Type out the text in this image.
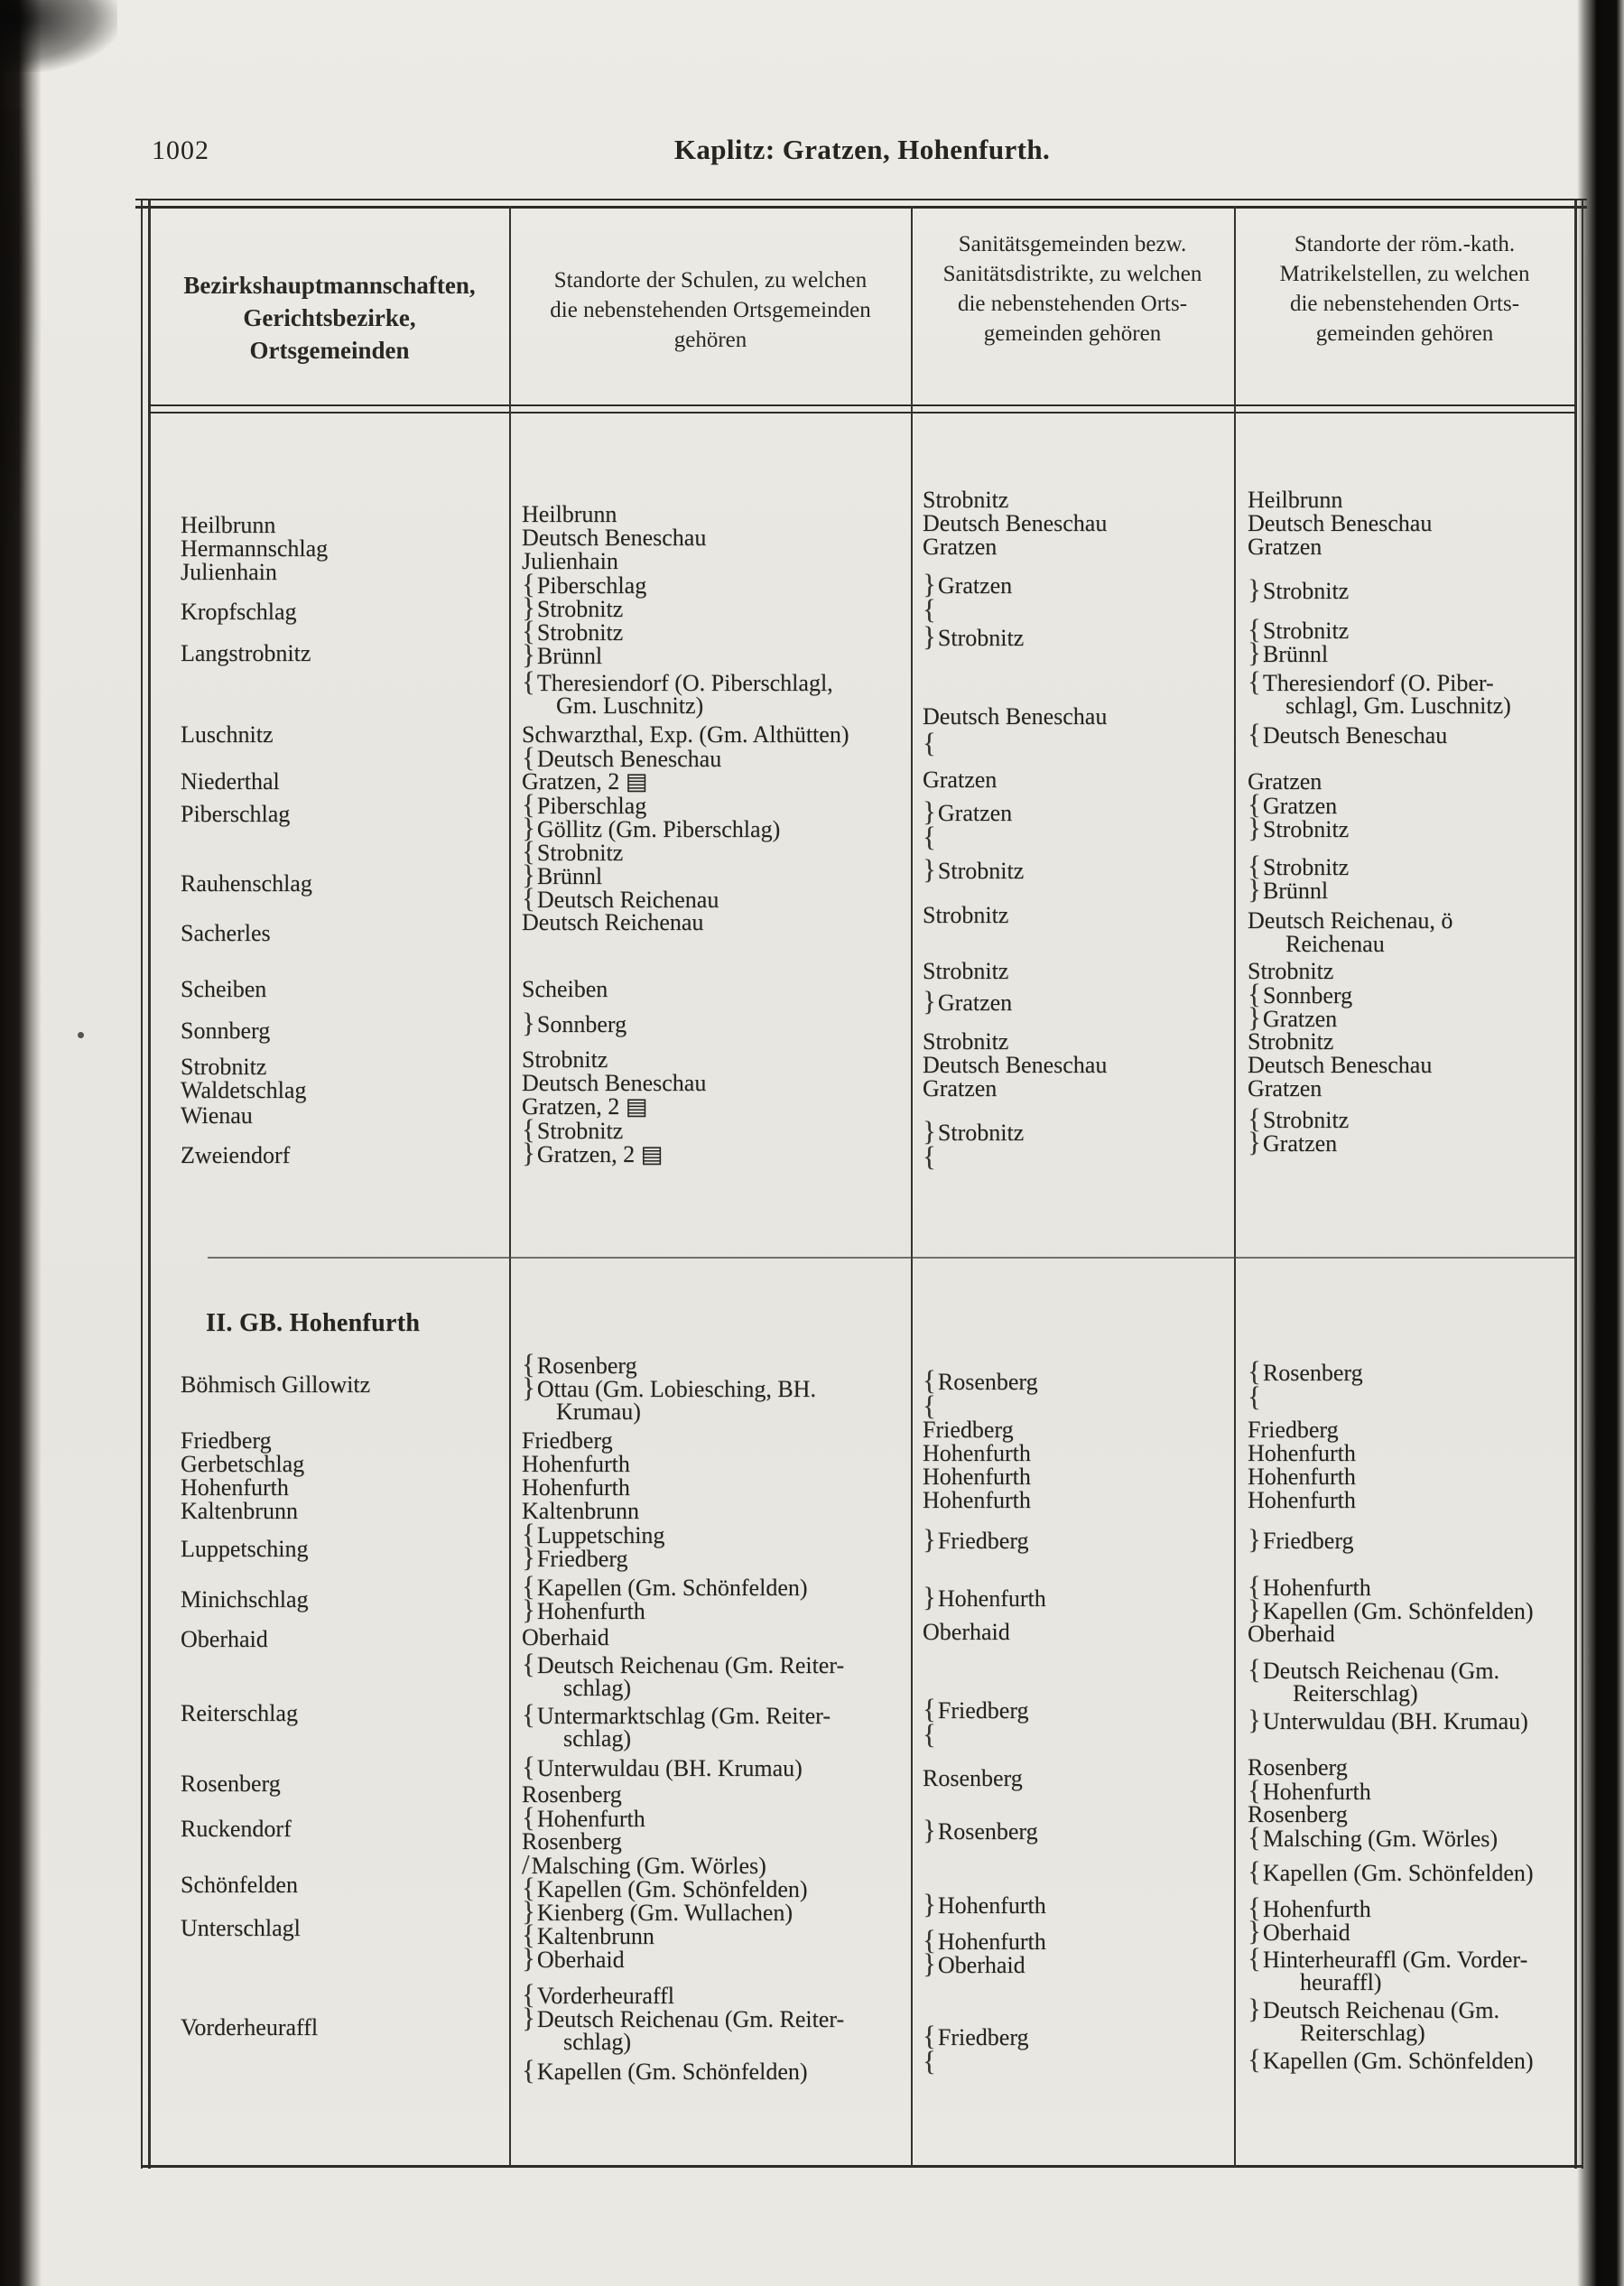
1002	Kaplitz: Gratzen, Hohenfurth.
Bezirkshauptmannschaften,
Gerichtsbezirke,
Ortsgemeinden
Standorte der Schulen, zu welchen
die nebenstehenden Ortsgemeinden
gehören
Sanitätsgemeinden bezw.
Sanitätsdistrikte, zu welchen
die nebenstehenden Orts-
gemeinden gehören
Standorte der röm.-kath.
Matrikelstellen, zu welchen
die nebenstehenden Orts-
gemeinden gehören
Heilbrunn
Hermannschlag
Julienhain
Kropfschlag
Langstrobnitz
Luschnitz
Niederthal
Piberschlag
Rauhenschlag
Sacherles
Scheiben
Sonnberg
Strobnitz
Waldetschlag
Wienau
Zweiendorf
II. GB. Hohenfurth
Böhmisch Gillowitz
Friedberg
Gerbetschlag
Hohenfurth
Kaltenbrunn
Luppetsching
Minichschlag
Oberhaid
Reiterschlag
Rosenberg
Ruckendorf
Schönfelden
Unterschlagl
Vorderheuraffl
Heilbrunn
Deutsch Beneschau
Julienhain
{Piberschlag
}Strobnitz
{Strobnitz
}Brünnl
{Theresiendorf (O. Piberschlagl,
Gm. Luschnitz)
Schwarzthal, Exp. (Gm. Althütten)
{Deutsch Beneschau
Gratzen, 2 ▤
{Piberschlag
}Göllitz (Gm. Piberschlag)
{Strobnitz
}Brünnl
{Deutsch Reichenau
Deutsch Reichenau
Scheiben
}Sonnberg
Strobnitz
Deutsch Beneschau
Gratzen, 2 ▤
{Strobnitz
}Gratzen, 2 ▤
{Rosenberg
}Ottau (Gm. Lobiesching, BH.
Krumau)
Friedberg
Hohenfurth
Hohenfurth
Kaltenbrunn
{Luppetsching
}Friedberg
{Kapellen (Gm. Schönfelden)
}Hohenfurth
Oberhaid
{Deutsch Reichenau (Gm. Reiter-
schlag)
{Untermarktschlag (Gm. Reiter-
schlag)
{Unterwuldau (BH. Krumau)
Rosenberg
{Hohenfurth
Rosenberg
/Malsching (Gm. Wörles)
{Kapellen (Gm. Schönfelden)
}Kienberg (Gm. Wullachen)
{Kaltenbrunn
}Oberhaid
{Vorderheuraffl
}Deutsch Reichenau (Gm. Reiter-
schlag)
{Kapellen (Gm. Schönfelden)
Strobnitz
Deutsch Beneschau
Gratzen
}Gratzen
{
}Strobnitz
Deutsch Beneschau
{
Gratzen
}Gratzen
{
}Strobnitz
Strobnitz
Strobnitz
}Gratzen
Strobnitz
Deutsch Beneschau
Gratzen
}Strobnitz
{
{Rosenberg
{
Friedberg
Hohenfurth
Hohenfurth
Hohenfurth
}Friedberg
}Hohenfurth
Oberhaid
{Friedberg
{
Rosenberg
}Rosenberg
}Hohenfurth
{Hohenfurth
}Oberhaid
{Friedberg
{
Heilbrunn
Deutsch Beneschau
Gratzen
}Strobnitz
{Strobnitz
}Brünnl
{Theresiendorf (O. Piber-
schlagl, Gm. Luschnitz)
{Deutsch Beneschau
Gratzen
{Gratzen
}Strobnitz
{Strobnitz
}Brünnl
Deutsch Reichenau, ö
Reichenau
Strobnitz
{Sonnberg
}Gratzen
Strobnitz
Deutsch Beneschau
Gratzen
{Strobnitz
}Gratzen
{Rosenberg
{
Friedberg
Hohenfurth
Hohenfurth
Hohenfurth
}Friedberg
{Hohenfurth
}Kapellen (Gm. Schönfelden)
Oberhaid
{Deutsch Reichenau (Gm.
Reiterschlag)
}Unterwuldau (BH. Krumau)
Rosenberg
{Hohenfurth
Rosenberg
{Malsching (Gm. Wörles)
{Kapellen (Gm. Schönfelden)
{Hohenfurth
}Oberhaid
{Hinterheuraffl (Gm. Vorder-
heuraffl)
}Deutsch Reichenau (Gm.
Reiterschlag)
{Kapellen (Gm. Schönfelden)
